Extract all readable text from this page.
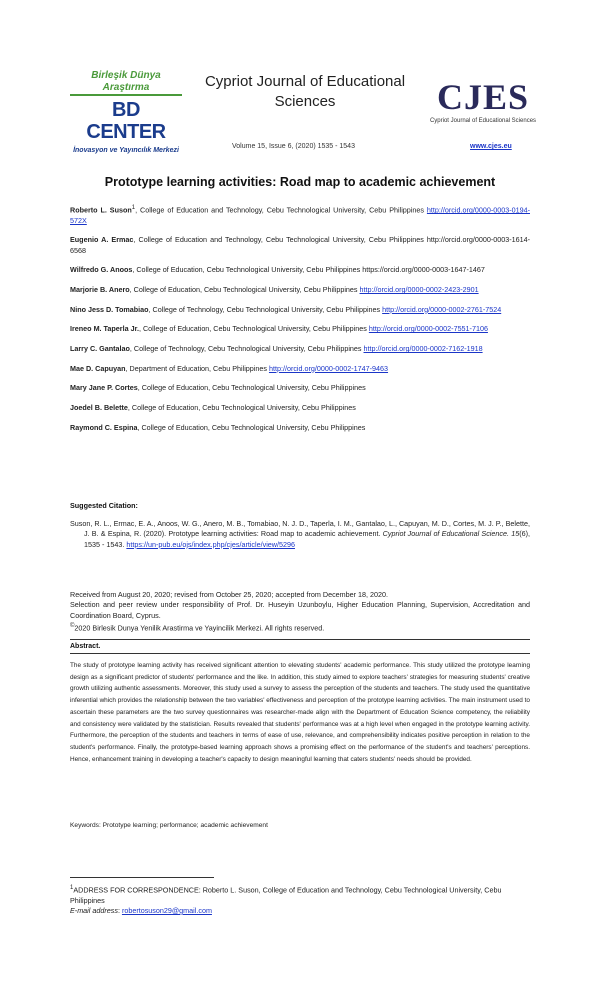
Birleşik Dünya Araştırma
BD CENTER
İnovasyon ve Yayıncılık Merkezi
Cypriot Journal of Educational Sciences	CJES
Cypriot Journal of Educational Sciences
Volume 15, Issue 6, (2020) 1535 - 1543	www.cjes.eu
Prototype learning activities: Road map to academic achievement
Roberto L. Suson$^1$, College of Education and Technology, Cebu Technological University, Cebu Philippines http://orcid.org/0000-0003-0194-572X
Eugenio A. Ermac, College of Education and Technology, Cebu Technological University, Cebu Philippines http://orcid.org/0000-0003-1614-6568
Wilfredo G. Anoos, College of Education, Cebu Technological University, Cebu Philippines https://orcid.org/0000-0003-1647-1467
Marjorie B. Anero, College of Education, Cebu Technological University, Cebu Philippines http://orcid.org/0000-0002-2423-2901
Nino Jess D. Tomabiao, College of Technology, Cebu Technological University, Cebu Philippines http://orcid.org/0000-0002-2761-7524
Ireneo M. Taperla Jr., College of Education, Cebu Technological University, Cebu Philippines http://orcid.org/0000-0002-7551-7106
Larry C. Gantalao, College of Technology, Cebu Technological University, Cebu Philippines http://orcid.org/0000-0002-7162-1918
Mae D. Capuyan, Department of Education, Cebu Philippines http://orcid.org/0000-0002-1747-9463
Mary Jane P. Cortes, College of Education, Cebu Technological University, Cebu Philippines
Joedel B. Belette, College of Education, Cebu Technological University, Cebu Philippines
Raymond C. Espina, College of Education, Cebu Technological University, Cebu Philippines
Suggested Citation:
Suson, R. L., Ermac, E. A., Anoos, W. G., Anero, M. B., Tomabiao, N. J. D., Taperla, I. M., Gantalao, L., Capuyan, M. D., Cortes, M. J. P., Belette, J. B. & Espina, R. (2020). Prototype learning activities: Road map to academic achievement. Cypriot Journal of Educational Science. 15(6), 1535 - 1543. https://un-pub.eu/ojs/index.php/cjes/article/view/5296
Received from August 20, 2020; revised from October 25, 2020; accepted from December 18, 2020.
Selection and peer review under responsibility of Prof. Dr. Huseyin Uzunboylu, Higher Education Planning, Supervision, Accreditation and Coordination Board, Cyprus.
©2020 Birlesik Dunya Yenilik Arastirma ve Yayincilik Merkezi. All rights reserved.
Abstract.
The study of prototype learning activity has received significant attention to elevating students' academic performance. This study utilized the prototype learning design as a significant predictor of students' performance and the like. In addition, this study aimed to explore teachers' strategies for measuring students' creative growth utilizing authentic assessments. Moreover, this study used a survey to assess the perception of the students and teachers. The study used the quantitative inferential which provides the relationship between the two variables' effectiveness and perception of the prototype learning activities. The main instrument used to ascertain these parameters are the two survey questionnaires was researcher-made align with the Department of Education Science competency, the reliability and consistency were validated by the statistician. Results revealed that students' performance was at a high level when engaged in the prototype learning activity. Furthermore, the perception of the students and teachers in terms of ease of use, relevance, and comprehensibility indicates positive perception in relation to the student's performance. Finally, the prototype-based learning approach shows a promising effect on the performance of the student's and teachers' perceptions. Hence, enhancement training in developing a teacher's capacity to design meaningful learning that caters students' needs should be provided.
Keywords: Prototype learning; performance; academic achievement
$^1$ADDRESS FOR CORRESPONDENCE: Roberto L. Suson, College of Education and Technology, Cebu Technological University, Cebu Philippines
E-mail address: robertosuson29@gmail.com
